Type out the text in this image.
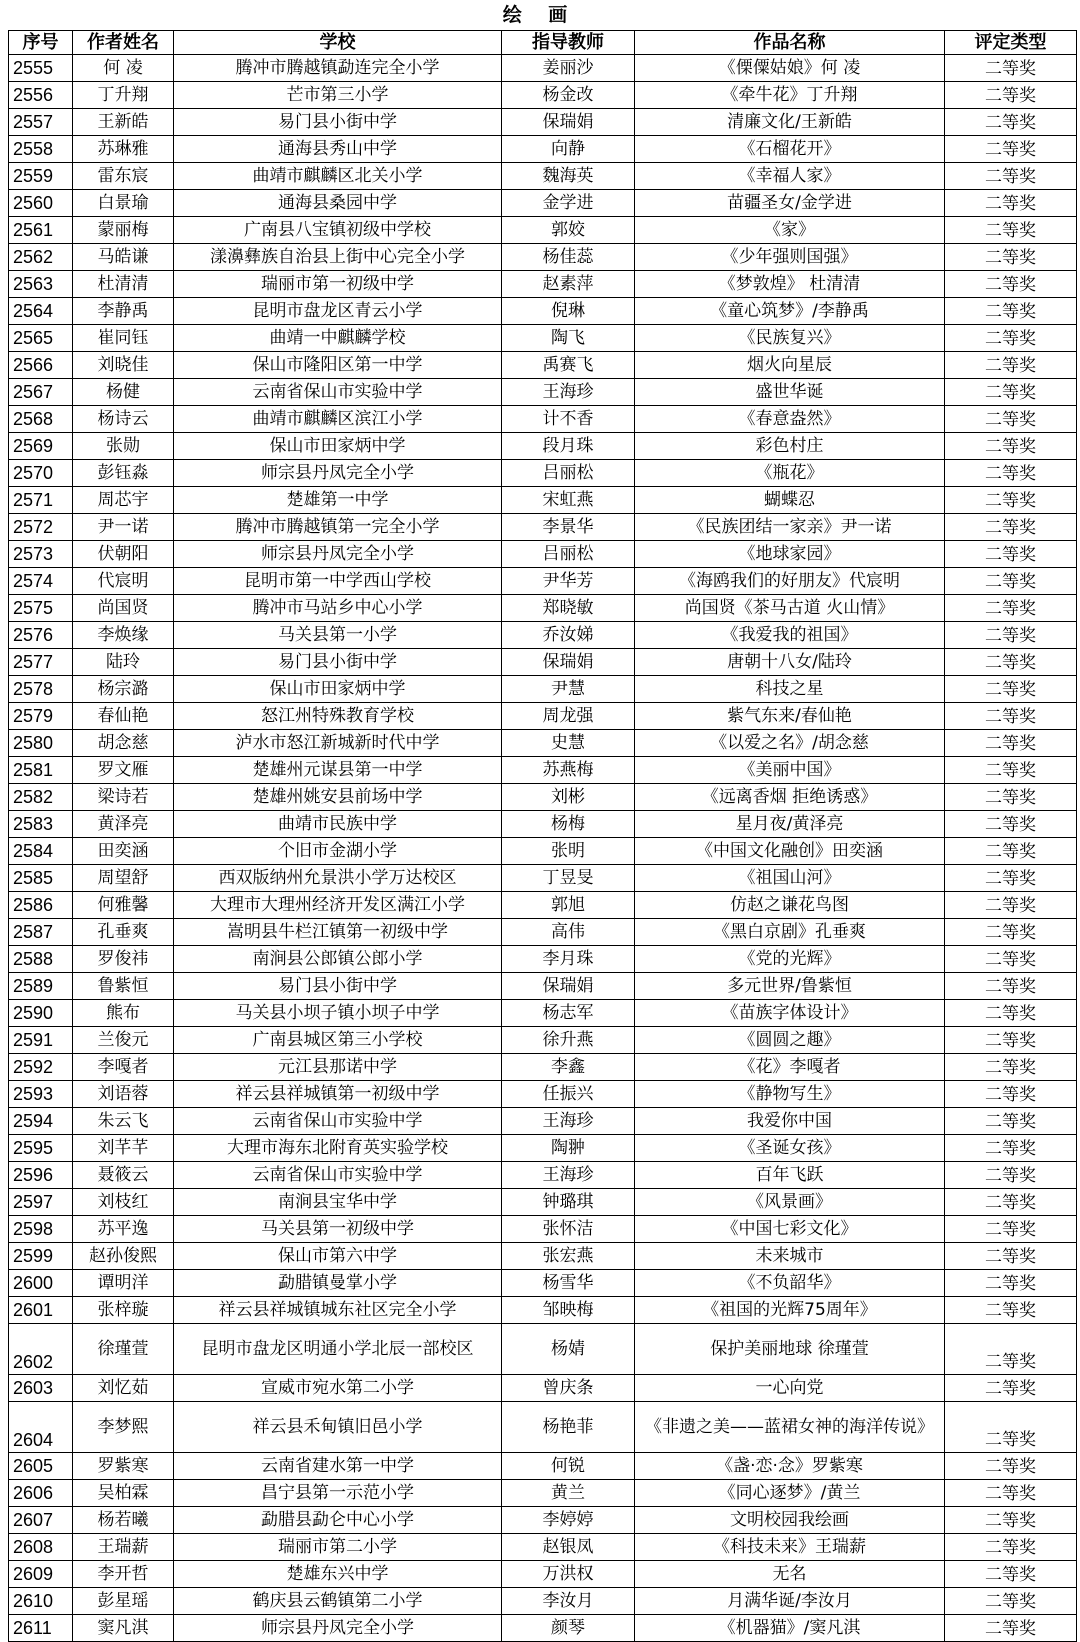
绘 画
序号	作者姓名	学校	指导教师	作品名称	评定类型
2555	何 凌	腾冲市腾越镇勐连完全小学	姜丽沙	《傈僳姑娘》何 凌	二等奖
2556	丁升翔	芒市第三小学	杨金改	《牵牛花》丁升翔	二等奖
2557	王新皓	易门县小街中学	保瑞娟	清廉文化/王新皓	二等奖
2558	苏琳雅	通海县秀山中学	向静	《石榴花开》	二等奖
2559	雷东宸	曲靖市麒麟区北关小学	魏海英	《幸福人家》	二等奖
2560	白景瑜	通海县桑园中学	金学进	苗疆圣女/金学进	二等奖
2561	蒙丽梅	广南县八宝镇初级中学校	郭姣	《家》	二等奖
2562	马皓谦	漾濞彝族自治县上街中心完全小学	杨佳蕊	《少年强则国强》	二等奖
2563	杜清清	瑞丽市第一初级中学	赵素萍	《梦敦煌》 杜清清	二等奖
2564	李静禹	昆明市盘龙区青云小学	倪琳	《童心筑梦》/李静禹	二等奖
2565	崔同钰	曲靖一中麒麟学校	陶飞	《民族复兴》	二等奖
2566	刘晓佳	保山市隆阳区第一中学	禹赛飞	烟火向星辰	二等奖
2567	杨健	云南省保山市实验中学	王海珍	盛世华诞	二等奖
2568	杨诗云	曲靖市麒麟区滨江小学	计不香	《春意盎然》	二等奖
2569	张勋	保山市田家炳中学	段月珠	彩色村庄	二等奖
2570	彭钰淼	师宗县丹凤完全小学	吕丽松	《瓶花》	二等奖
2571	周芯宇	楚雄第一中学	宋虹燕	蝴蝶忍	二等奖
2572	尹一诺	腾冲市腾越镇第一完全小学	李景华	《民族团结一家亲》尹一诺	二等奖
2573	伏朝阳	师宗县丹凤完全小学	吕丽松	《地球家园》	二等奖
2574	代宸明	昆明市第一中学西山学校	尹华芳	《海鸥我们的好朋友》代宸明	二等奖
2575	尚国贤	腾冲市马站乡中心小学	郑晓敏	尚国贤《茶马古道 火山情》	二等奖
2576	李焕缘	马关县第一小学	乔汝娣	《我爱我的祖国》	二等奖
2577	陆玲	易门县小街中学	保瑞娟	唐朝十八女/陆玲	二等奖
2578	杨宗潞	保山市田家炳中学	尹慧	科技之星	二等奖
2579	春仙艳	怒江州特殊教育学校	周龙强	紫气东来/春仙艳	二等奖
2580	胡念慈	泸水市怒江新城新时代中学	史慧	《以爱之名》/胡念慈	二等奖
2581	罗文雁	楚雄州元谋县第一中学	苏燕梅	《美丽中国》	二等奖
2582	梁诗若	楚雄州姚安县前场中学	刘彬	《远离香烟 拒绝诱惑》	二等奖
2583	黄泽亮	曲靖市民族中学	杨梅	星月夜/黄泽亮	二等奖
2584	田奕涵	个旧市金湖小学	张明	《中国文化融创》田奕涵	二等奖
2585	周望舒	西双版纳州允景洪小学万达校区	丁昱旻	《祖国山河》	二等奖
2586	何雅馨	大理市大理州经济开发区满江小学	郭旭	仿赵之谦花鸟图	二等奖
2587	孔垂爽	嵩明县牛栏江镇第一初级中学	高伟	《黑白京剧》孔垂爽	二等奖
2588	罗俊祎	南涧县公郎镇公郎小学	李月珠	《党的光辉》	二等奖
2589	鲁紫恒	易门县小街中学	保瑞娟	多元世界/鲁紫恒	二等奖
2590	熊布	马关县小坝子镇小坝子中学	杨志军	《苗族字体设计》	二等奖
2591	兰俊元	广南县城区第三小学校	徐升燕	《圆圆之趣》	二等奖
2592	李嘎者	元江县那诺中学	李鑫	《花》李嘎者	二等奖
2593	刘语蓉	祥云县祥城镇第一初级中学	任振兴	《静物写生》	二等奖
2594	朱云飞	云南省保山市实验中学	王海珍	我爱你中国	二等奖
2595	刘芊芊	大理市海东北附育英实验学校	陶翀	《圣诞女孩》	二等奖
2596	聂筱云	云南省保山市实验中学	王海珍	百年飞跃	二等奖
2597	刘枝红	南涧县宝华中学	钟璐琪	《风景画》	二等奖
2598	苏平逸	马关县第一初级中学	张怀洁	《中国七彩文化》	二等奖
2599	赵孙俊熙	保山市第六中学	张宏燕	未来城市	二等奖
2600	谭明洋	勐腊镇曼掌小学	杨雪华	《不负韶华》	二等奖
2601	张梓璇	祥云县祥城镇城东社区完全小学	邹映梅	《祖国的光辉75周年》	二等奖
2602	徐瑾萱	昆明市盘龙区明通小学北辰一部校区	杨婧	保护美丽地球 徐瑾萱	二等奖
2603	刘忆茹	宣威市宛水第二小学	曾庆条	一心向党	二等奖
2604	李梦熙	祥云县禾甸镇旧邑小学	杨艳菲	《非遗之美——蓝裙女神的海洋传说》	二等奖
2605	罗紫寒	云南省建水第一中学	何锐	《盏·恋·念》罗紫寒	二等奖
2606	吴柏霖	昌宁县第一示范小学	黄兰	《同心逐梦》/黄兰	二等奖
2607	杨若曦	勐腊县勐仑中心小学	李婷婷	文明校园我绘画	二等奖
2608	王瑞薪	瑞丽市第二小学	赵银凤	《科技未来》王瑞薪	二等奖
2609	李开哲	楚雄东兴中学	万洪权	无名	二等奖
2610	彭星瑶	鹤庆县云鹤镇第二小学	李汝月	月满华诞/李汝月	二等奖
2611	窦凡淇	师宗县丹凤完全小学	颜琴	《机器猫》/窦凡淇	二等奖
